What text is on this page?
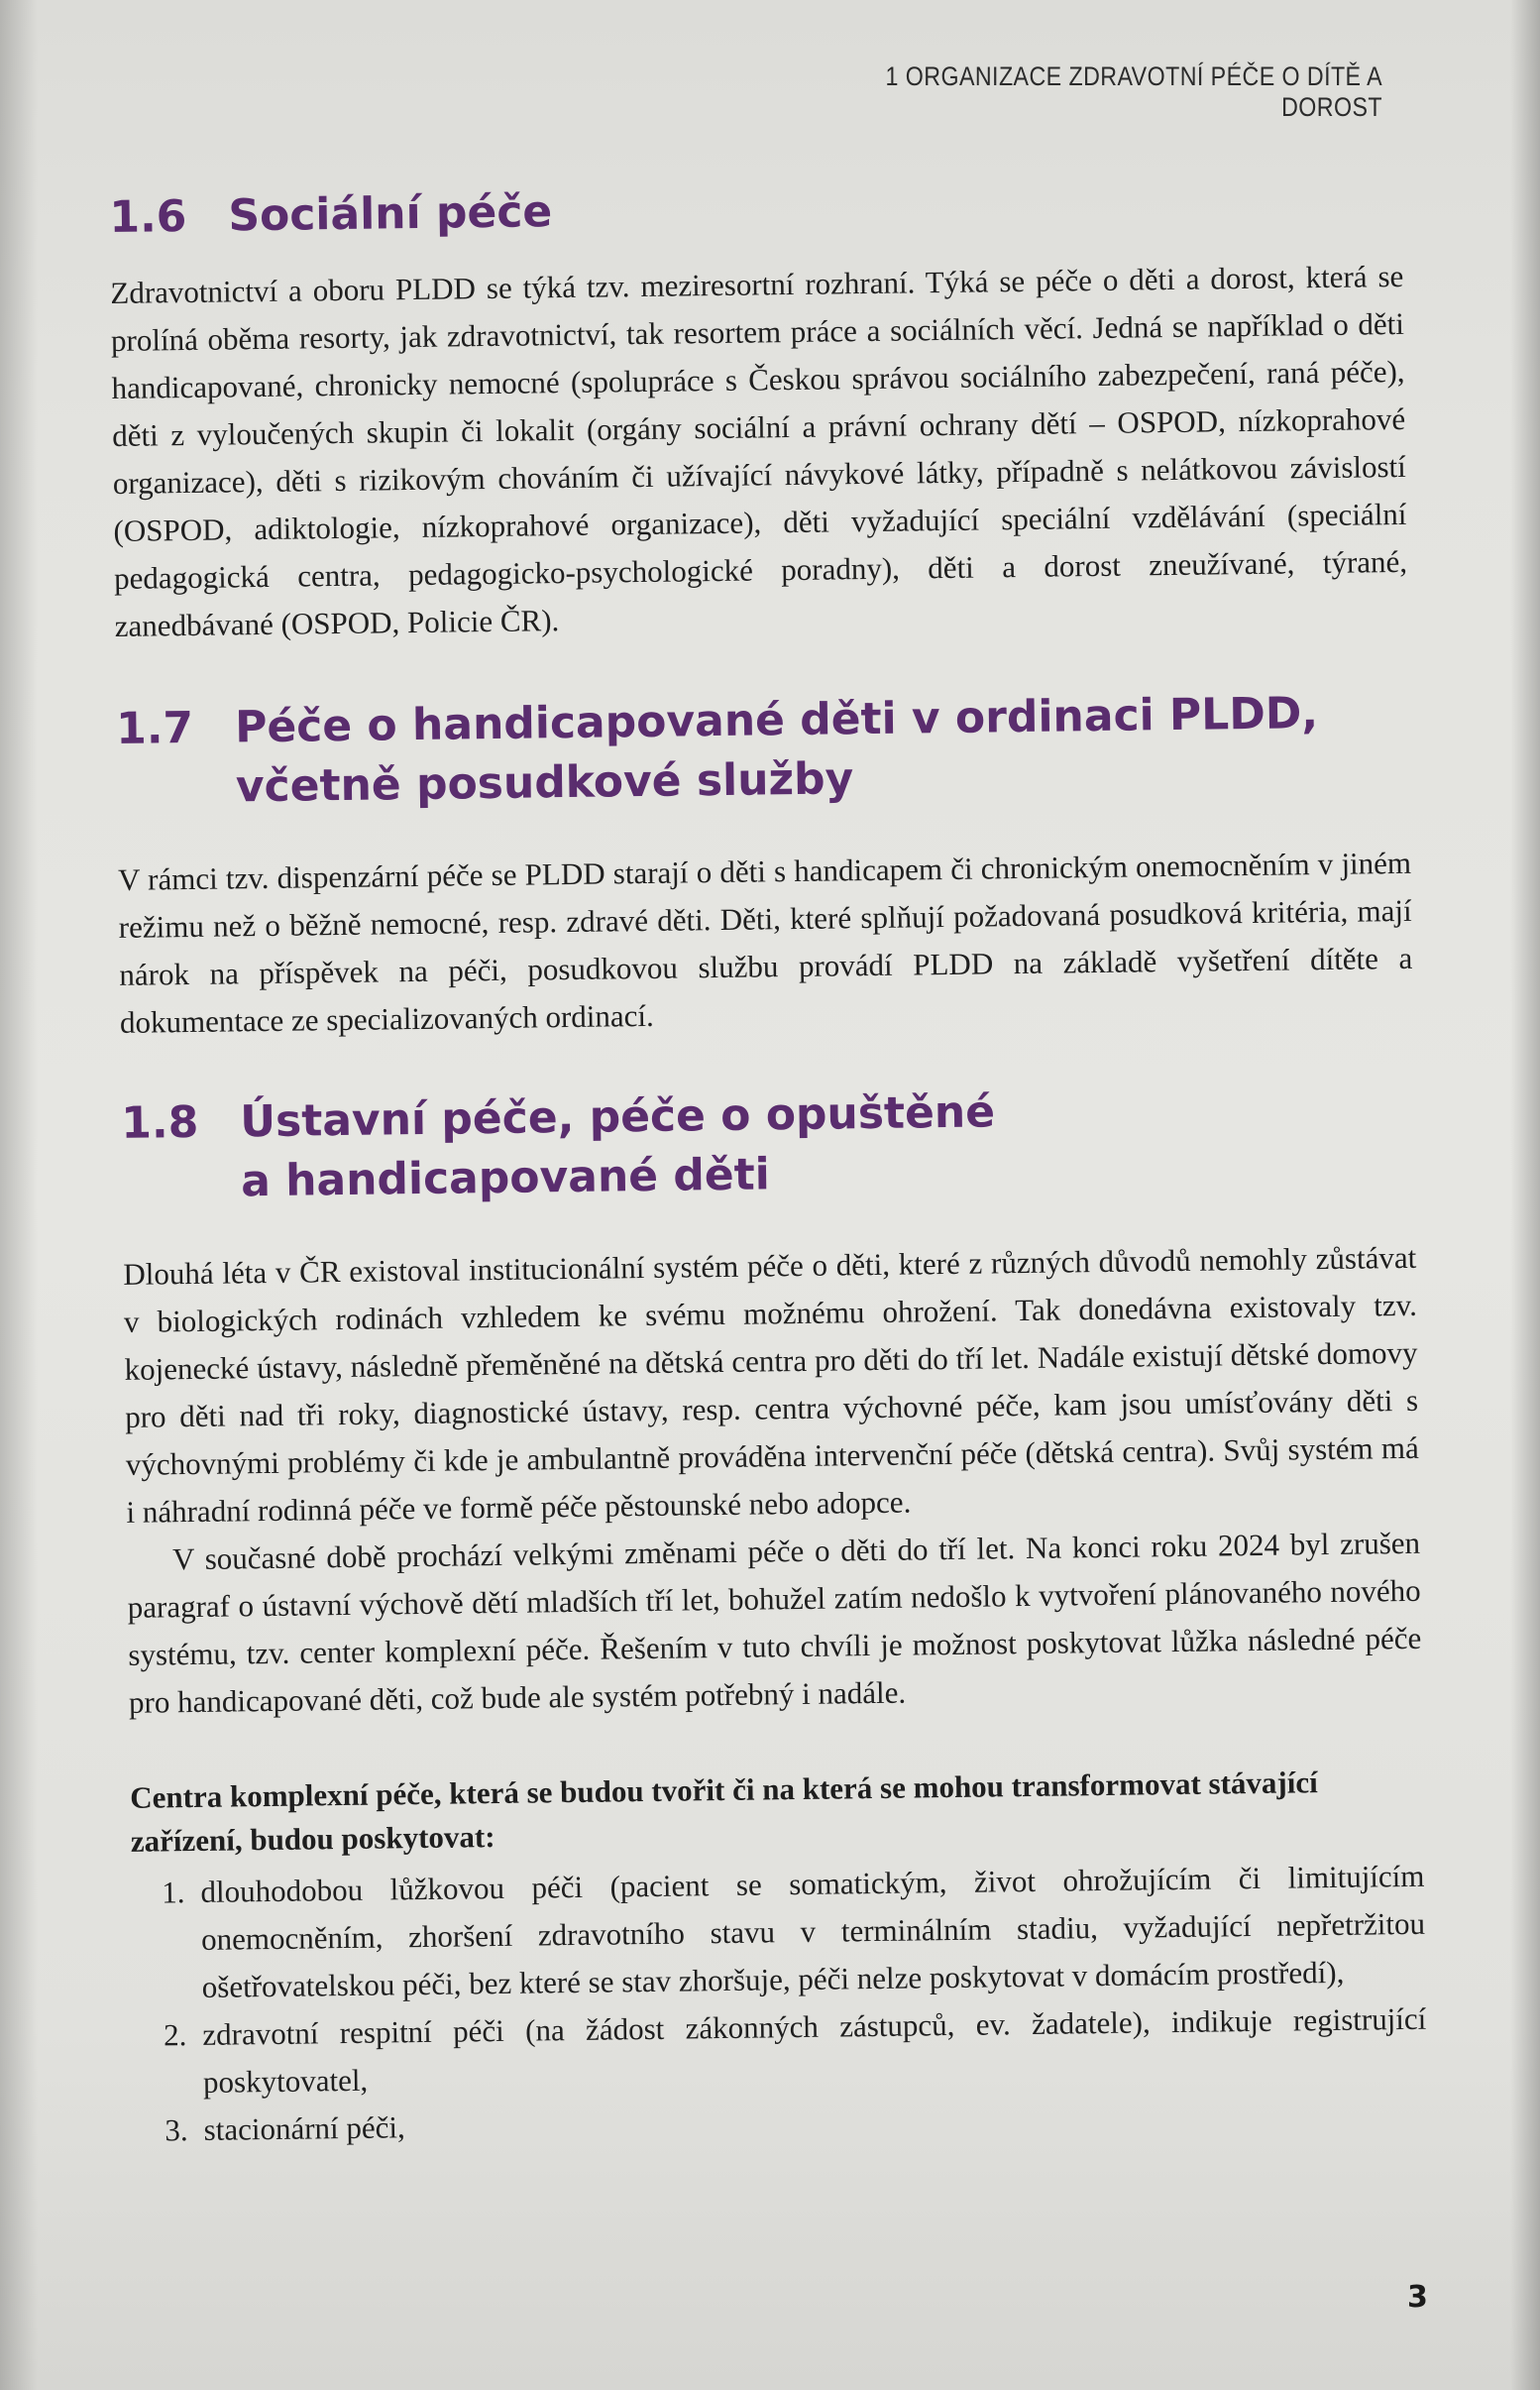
1 ORGANIZACE ZDRAVOTNÍ PÉČE O DÍTĚ A DOROST
1.6 Sociální péče

Zdravotnictví a oboru PLDD se týká tzv. meziresortní rozhraní. Týká se péče o děti a dorost, která se prolíná oběma resorty, jak zdravotnictví, tak resortem práce a sociálních věcí. Jedná se například o děti handicapované, chronicky nemocné (spolupráce s Českou správou sociálního zabezpečení, raná péče), děti z vyloučených skupin či lokalit (orgány sociální a právní ochrany dětí – OSPOD, nízkoprahové organizace), děti s rizikovým chováním či užívající návykové látky, případně s nelátkovou závislostí (OSPOD, adiktologie, nízkoprahové organizace), děti vyžadující speciální vzdělávání (speciální pedagogická centra, pedagogicko-psychologické poradny), děti a dorost zneužívané, týrané, zanedbávané (OSPOD, Policie ČR).

1.7 Péče o handicapované děti v ordinaci PLDD,
včetně posudkové služby

V rámci tzv. dispenzární péče se PLDD starají o děti s handicapem či chronickým onemocněním v jiném režimu než o běžně nemocné, resp. zdravé děti. Děti, které splňují požadovaná posudková kritéria, mají nárok na příspěvek na péči, posudkovou službu provádí PLDD na základě vyšetření dítěte a dokumentace ze specializovaných ordinací.

1.8 Ústavní péče, péče o opuštěné
a handicapované děti

Dlouhá léta v ČR existoval institucionální systém péče o děti, které z různých důvodů nemohly zůstávat v biologických rodinách vzhledem ke svému možnému ohrožení. Tak donedávna existovaly tzv. kojenecké ústavy, následně přeměněné na dětská centra pro děti do tří let. Nadále existují dětské domovy pro děti nad tři roky, diagnostické ústavy, resp. centra výchovné péče, kam jsou umísťovány děti s výchovnými problémy či kde je ambulantně prováděna intervenční péče (dětská centra). Svůj systém má i náhradní rodinná péče ve formě péče pěstounské nebo adopce.

V současné době prochází velkými změnami péče o děti do tří let. Na konci roku 2024 byl zrušen paragraf o ústavní výchově dětí mladších tří let, bohužel zatím nedošlo k vytvoření plánovaného nového systému, tzv. center komplexní péče. Řešením v tuto chvíli je možnost poskytovat lůžka následné péče pro handicapované děti, což bude ale systém potřebný i nadále.

Centra komplexní péče, která se budou tvořit či na která se mohou transformovat stávající zařízení, budou poskytovat:
1. dlouhodobou lůžkovou péči (pacient se somatickým, život ohrožujícím či limitujícím onemocněním, zhoršení zdravotního stavu v terminálním stadiu, vyžadující nepřetržitou ošetřovatelskou péči, bez které se stav zhoršuje, péči nelze poskytovat v domácím prostředí),
2. zdravotní respitní péči (na žádost zákonných zástupců, ev. žadatele), indikuje registrující poskytovatel,
3. stacionární péči,
3
